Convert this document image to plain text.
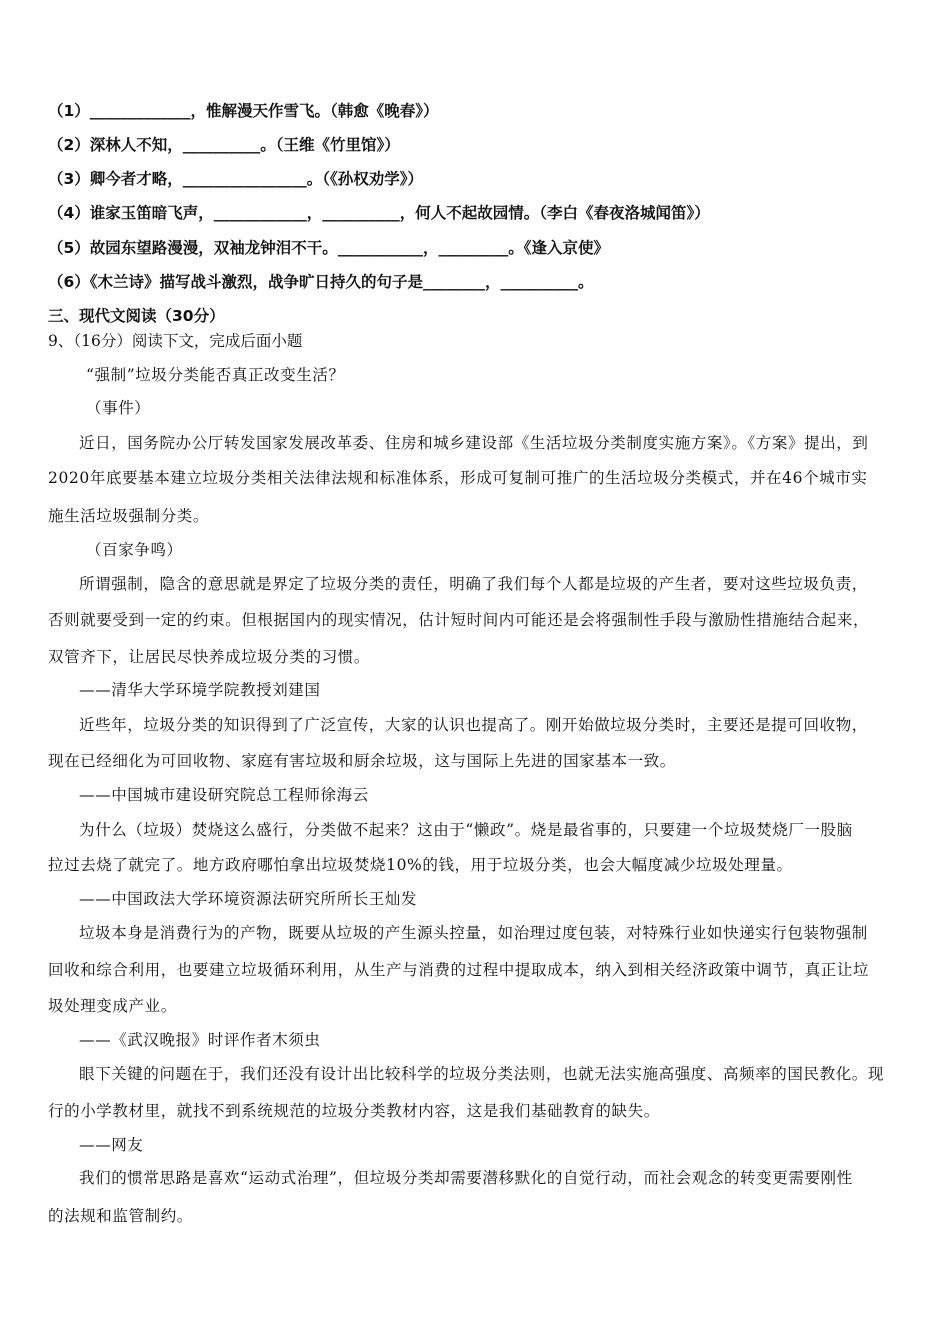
（1）_____________，惟解漫天作雪飞。（韩愈《晚春》）
（2）深林人不知，__________。（王维《竹里馆》）
（3）卿今者才略，________________。（《孙权劝学》）
（4）谁家玉笛暗飞声，____________，__________，何人不起故园情。（李白《春夜洛城闻笛》）
（5）故园东望路漫漫，双袖龙钟泪不干。___________，_________。《逢入京使》
（6）《木兰诗》描写战斗激烈，战争旷日持久的句子是________，__________。
三、现代文阅读（30分）
9、（16分）阅读下文，完成后面小题
“强制”垃圾分类能否真正改变生活？
（事件）
近日，国务院办公厅转发国家发展改革委、住房和城乡建设部《生活垃圾分类制度实施方案》。《方案》提出，到
2020年底要基本建立垃圾分类相关法律法规和标准体系，形成可复制可推广的生活垃圾分类模式，并在46个城市实
施生活垃圾强制分类。
（百家争鸣）
所谓强制，隐含的意思就是界定了垃圾分类的责任，明确了我们每个人都是垃圾的产生者，要对这些垃圾负责，
否则就要受到一定的约束。但根据国内的现实情况，估计短时间内可能还是会将强制性手段与激励性措施结合起来，
双管齐下，让居民尽快养成垃圾分类的习惯。
——清华大学环境学院教授刘建国
近些年，垃圾分类的知识得到了广泛宣传，大家的认识也提高了。刚开始做垃圾分类时，主要还是提可回收物，
现在已经细化为可回收物、家庭有害垃圾和厨余垃圾，这与国际上先进的国家基本一致。
——中国城市建设研究院总工程师徐海云
为什么（垃圾）焚烧这么盛行，分类做不起来？这由于“懒政”。烧是最省事的，只要建一个垃圾焚烧厂一股脑
拉过去烧了就完了。地方政府哪怕拿出垃圾焚烧10%的钱，用于垃圾分类，也会大幅度减少垃圾处理量。
——中国政法大学环境资源法研究所所长王灿发
垃圾本身是消费行为的产物，既要从垃圾的产生源头控量，如治理过度包装，对特殊行业如快递实行包装物强制
回收和综合利用，也要建立垃圾循环利用，从生产与消费的过程中提取成本，纳入到相关经济政策中调节，真正让垃
圾处理变成产业。
——《武汉晚报》时评作者木须虫
眼下关键的问题在于，我们还没有设计出比较科学的垃圾分类法则，也就无法实施高强度、高频率的国民教化。现
行的小学教材里，就找不到系统规范的垃圾分类教材内容，这是我们基础教育的缺失。
——网友
我们的惯常思路是喜欢“运动式治理”，但垃圾分类却需要潜移默化的自觉行动，而社会观念的转变更需要刚性
的法规和监管制约。
